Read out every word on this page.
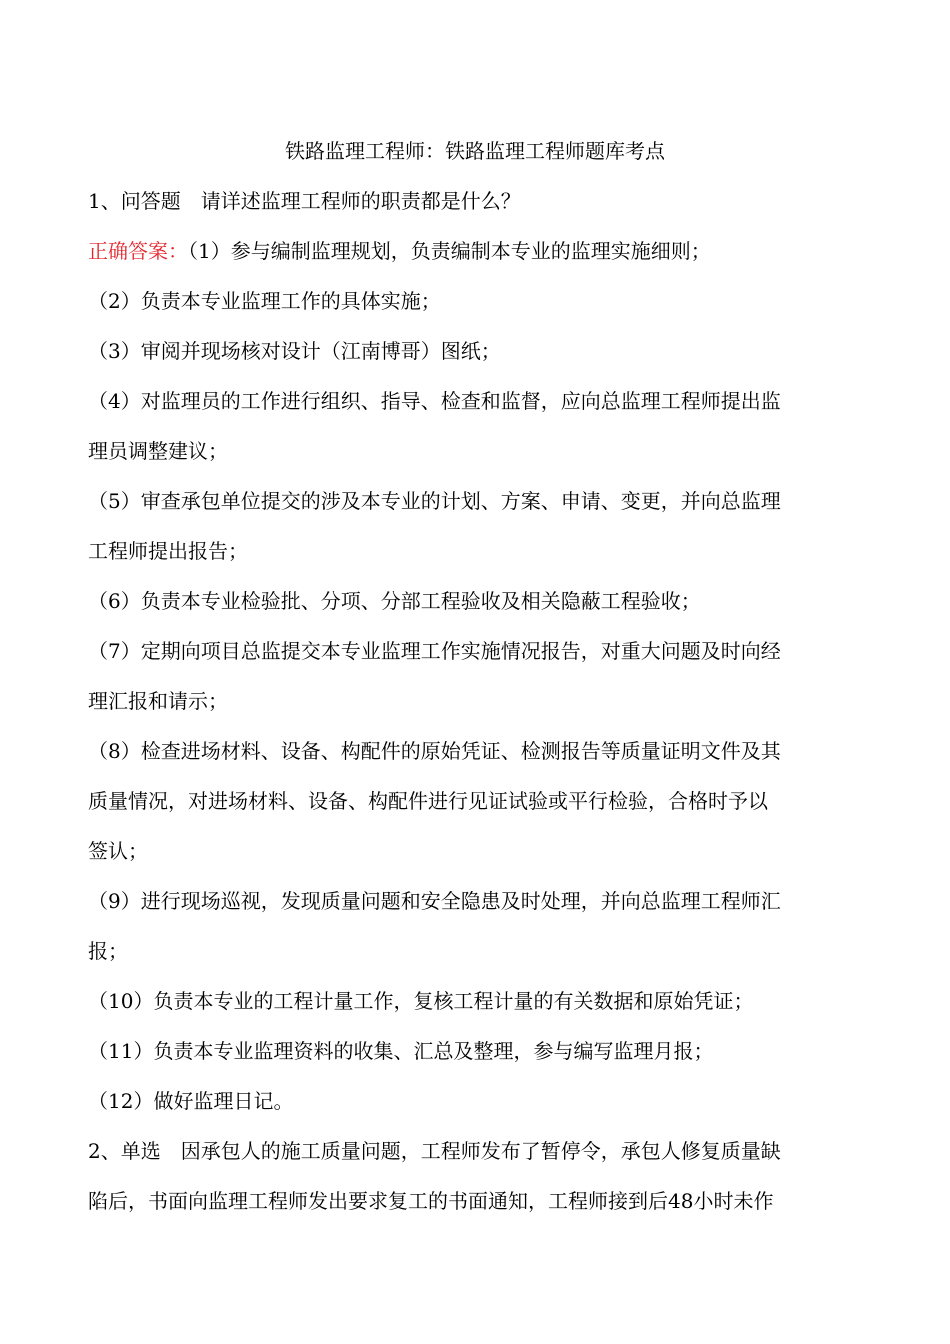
铁路监理工程师：铁路监理工程师题库考点
1、问答题　请详述监理工程师的职责都是什么？
正确答案：（1）参与编制监理规划，负责编制本专业的监理实施细则；
（2）负责本专业监理工作的具体实施；
（3）审阅并现场核对设计（江南博哥）图纸；
（4）对监理员的工作进行组织、指导、检查和监督，应向总监理工程师提出监
理员调整建议；
（5）审查承包单位提交的涉及本专业的计划、方案、申请、变更，并向总监理
工程师提出报告；
（6）负责本专业检验批、分项、分部工程验收及相关隐蔽工程验收；
（7）定期向项目总监提交本专业监理工作实施情况报告，对重大问题及时向经
理汇报和请示；
（8）检查进场材料、设备、构配件的原始凭证、检测报告等质量证明文件及其
质量情况，对进场材料、设备、构配件进行见证试验或平行检验，合格时予以
签认；
（9）进行现场巡视，发现质量问题和安全隐患及时处理，并向总监理工程师汇
报；
（10）负责本专业的工程计量工作，复核工程计量的有关数据和原始凭证；
（11）负责本专业监理资料的收集、汇总及整理，参与编写监理月报；
（12）做好监理日记。
2、单选　因承包人的施工质量问题，工程师发布了暂停令，承包人修复质量缺
陷后，书面向监理工程师发出要求复工的书面通知，工程师接到后48小时未作
